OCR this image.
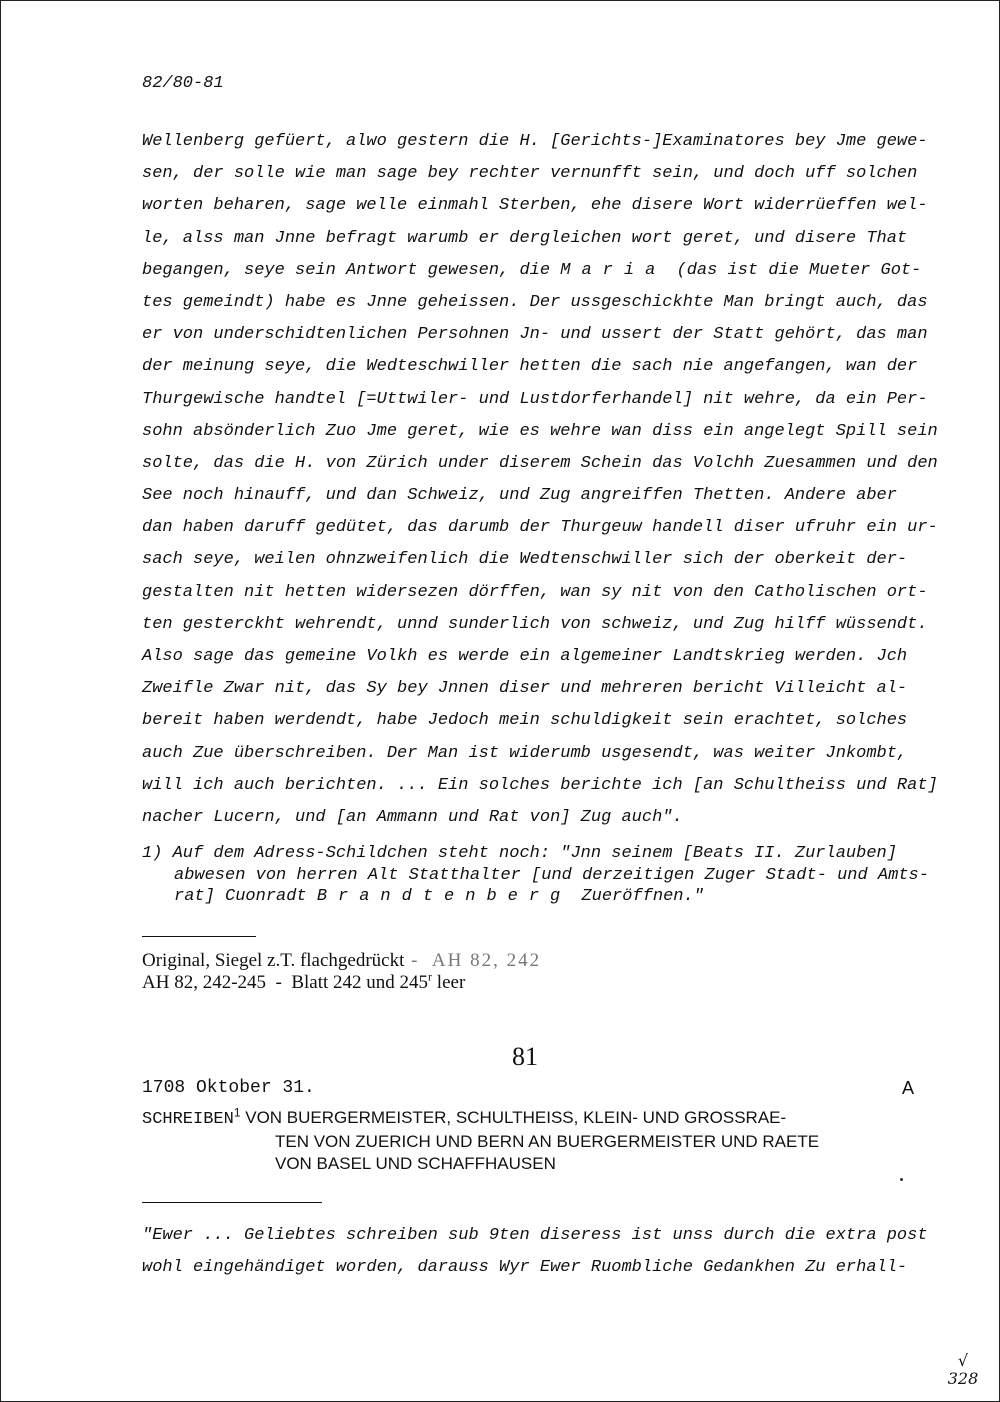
82/80-81
Wellenberg gefüert, alwo gestern die H. [Gerichts-]Examinatores bey Jme gewe-
sen, der solle wie man sage bey rechter vernunfft sein, und doch uff solchen
worten beharen, sage welle einmahl Sterben, ehe disere Wort widerrüeffen wel-
le, alss man Jnne befragt warumb er dergleichen wort geret, und disere That
begangen, seye sein Antwort gewesen, die Maria (das ist die Mueter Got-
tes gemeindt) habe es Jnne geheissen. Der ussgeschickhte Man bringt auch, das
er von underschidtenlichen Persohnen Jn- und ussert der Statt gehört, das man
der meinung seye, die Wedteschwiller hetten die sach nie angefangen, wan der
Thurgewische handtel [=Uttwiler- und Lustdorferhandel] nit wehre, da ein Per-
sohn absönderlich Zuo Jme geret, wie es wehre wan diss ein angelegt Spill sein
solte, das die H. von Zürich under diserem Schein das Volchh Zuesammen und den
See noch hinauff, und dan Schweiz, und Zug angreiffen Thetten. Andere aber
dan haben daruff gedütet, das darumb der Thurgeuw handell diser ufruhr ein ur-
sach seye, weilen ohnzweifenlich die Wedtenschwiller sich der oberkeit der-
gestalten nit hetten widersezen dörffen, wan sy nit von den Catholischen ort-
ten gesterckht wehrendt, unnd sunderlich von schweiz, und Zug hilff wüssendt.
Also sage das gemeine Volkh es werde ein algemeiner Landtskrieg werden. Jch
Zweifle Zwar nit, das Sy bey Jnnen diser und mehreren bericht Villeicht al-
bereit haben werdendt, habe Jedoch mein schuldigkeit sein erachtet, solches
auch Zue überschreiben. Der Man ist widerumb usgesendt, was weiter Jnkombt,
will ich auch berichten. ... Ein solches berichte ich [an Schultheiss und Rat]
nacher Lucern, und [an Ammann und Rat von] Zug auch".
1) Auf dem Adress-Schildchen steht noch: "Jnn seinem [Beats II. Zurlauben]
abwesen von herren Alt Statthalter [und derzeitigen Zuger Stadt- und Amts-
rat] Cuonradt Brandtenberg Zueröffnen."
Original, Siegel z.T. flachgedrückt -  AH 82, 242
AH 82, 242-245  -  Blatt 242 und 245$^r$ leer
81
1708 Oktober 31.	A
SCHREIBEN$^1$ VON BUERGERMEISTER, SCHULTHEISS, KLEIN- UND GROSSRAE-
TEN VON ZUERICH UND BERN AN BUERGERMEISTER UND RAETE
VON BASEL UND SCHAFFHAUSEN
"Ewer ... Geliebtes schreiben sub 9ten diseress ist unss durch die extra post
wohl eingehändiget worden, darauss Wyr Ewer Ruombliche Gedankhen Zu erhall-
√
328
